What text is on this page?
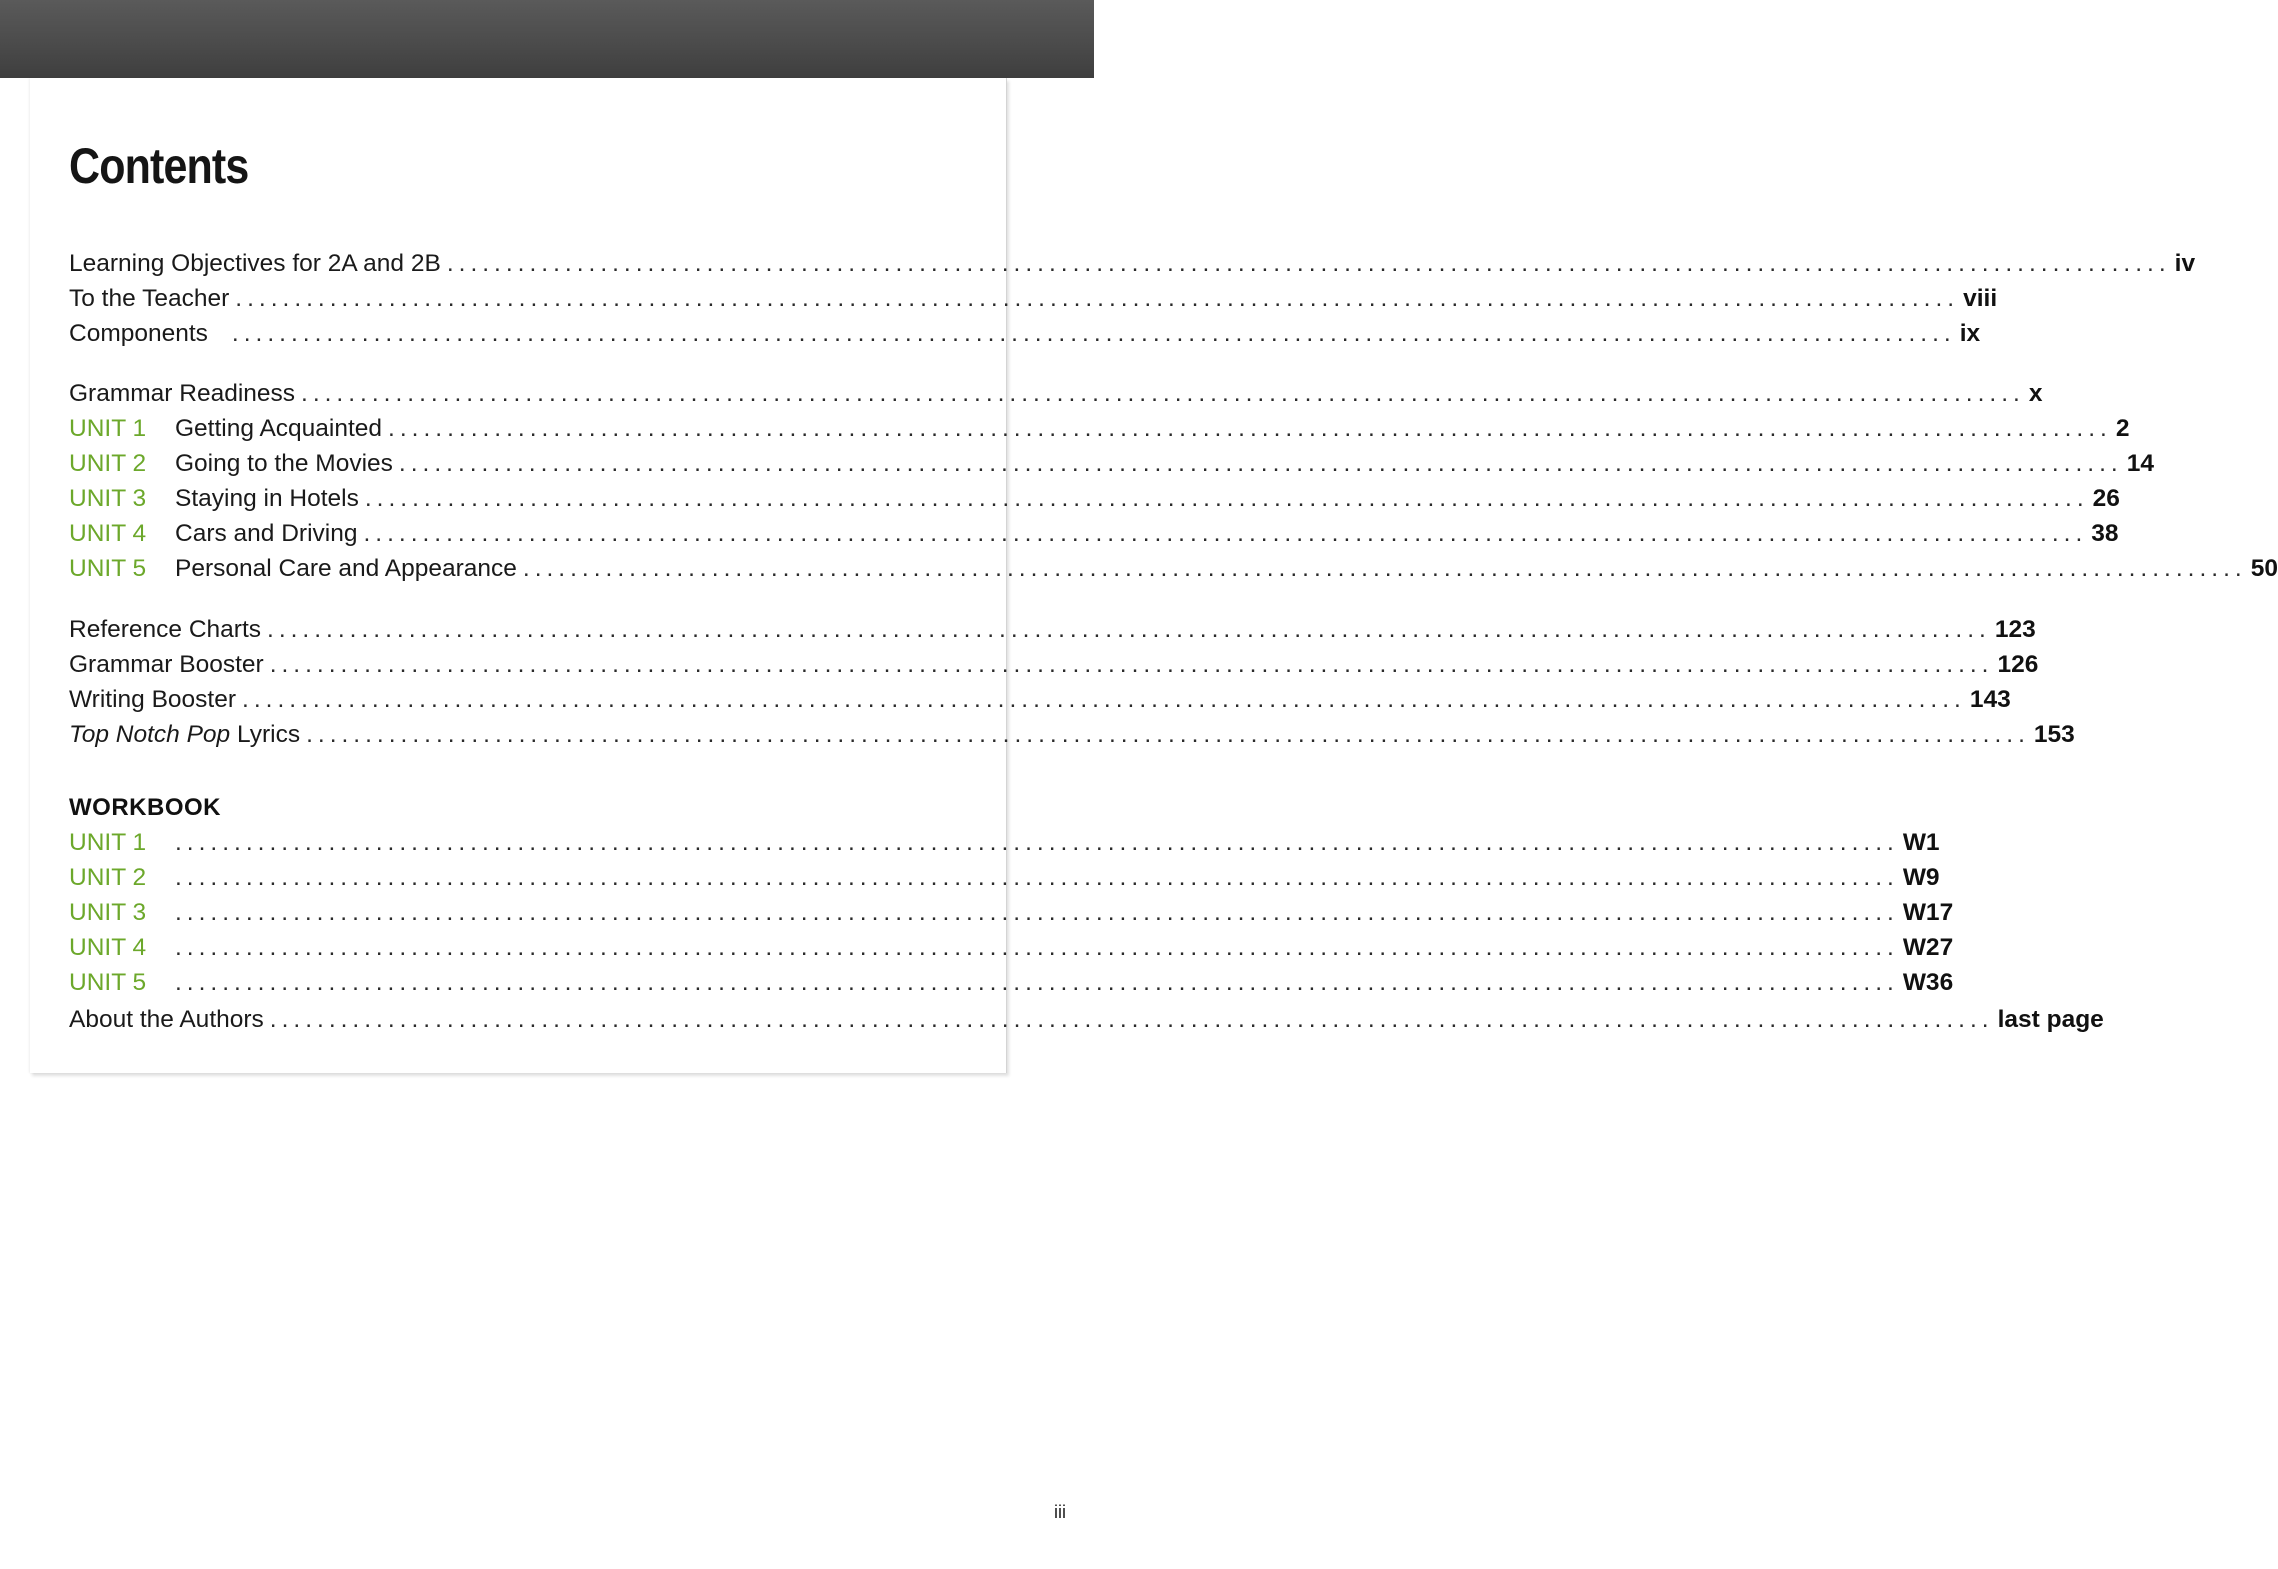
Contents
Learning Objectives for 2A and 2B .................................................................................................................................................. iv
To the Teacher .................................................................................................................................................. viii
Components .................................................................................................................................................. ix
Grammar Readiness .................................................................................................................................................. x
UNIT 1	Getting Acquainted .................................................................................................................................................. 2
UNIT 2	Going to the Movies .................................................................................................................................................. 14
UNIT 3	Staying in Hotels .................................................................................................................................................. 26
UNIT 4	Cars and Driving .................................................................................................................................................. 38
UNIT 5	Personal Care and Appearance .................................................................................................................................................. 50
Reference Charts .................................................................................................................................................. 123
Grammar Booster .................................................................................................................................................. 126
Writing Booster .................................................................................................................................................. 143
Top Notch Pop Lyrics .................................................................................................................................................. 153
WORKBOOK
UNIT 1	.................................................................................................................................................. W1
UNIT 2	.................................................................................................................................................. W9
UNIT 3	.................................................................................................................................................. W17
UNIT 4	.................................................................................................................................................. W27
UNIT 5	.................................................................................................................................................. W36
About the Authors .................................................................................................................................................. last page
iii
